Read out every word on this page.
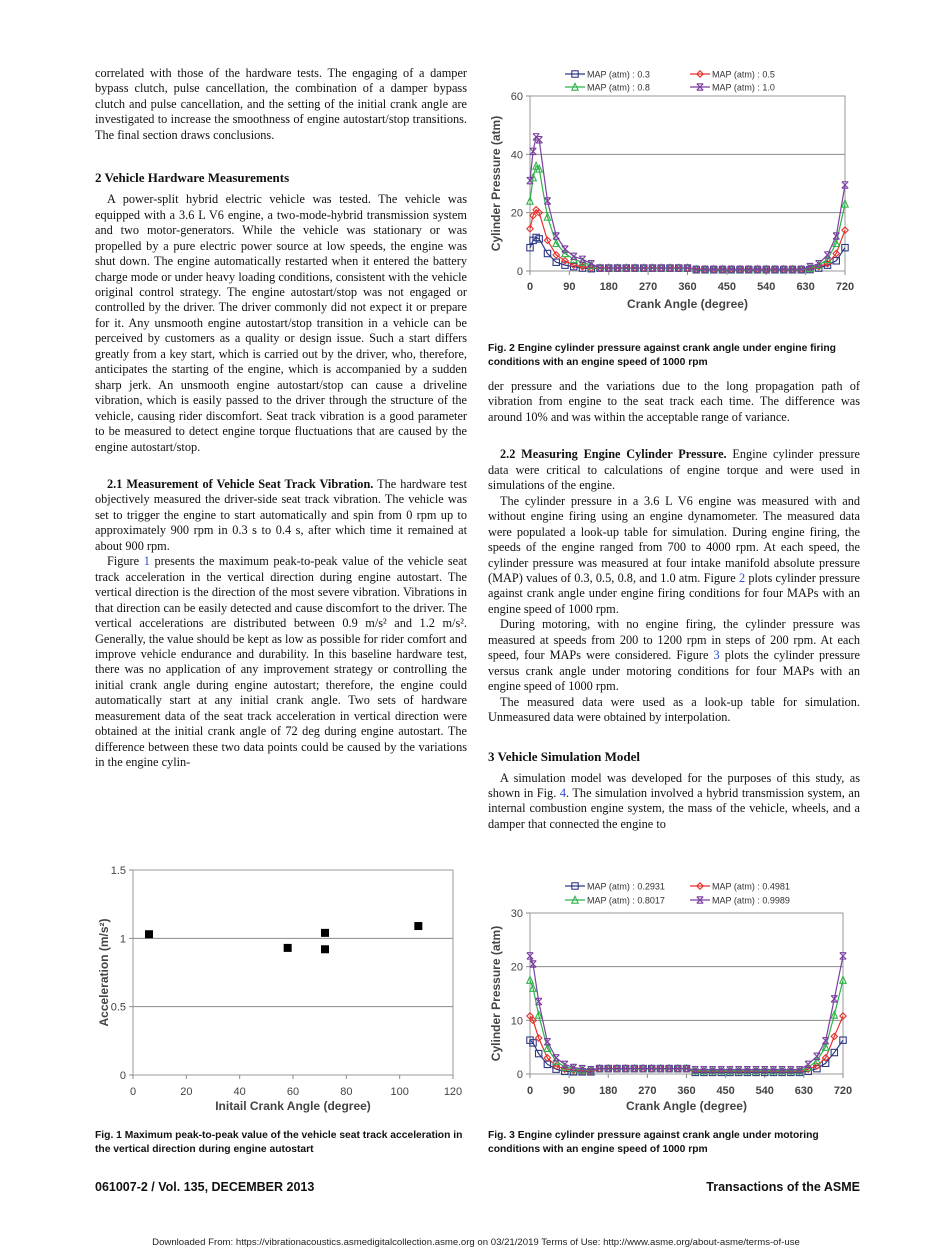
correlated with those of the hardware tests. The engaging of a damper bypass clutch, pulse cancellation, the combination of a damper bypass clutch and pulse cancellation, and the setting of the initial crank angle are investigated to increase the smoothness of engine autostart/stop transitions. The final section draws conclusions.
2 Vehicle Hardware Measurements
A power-split hybrid electric vehicle was tested. The vehicle was equipped with a 3.6 L V6 engine, a two-mode-hybrid transmission system and two motor-generators. While the vehicle was stationary or was propelled by a pure electric power source at low speeds, the engine was shut down. The engine automatically restarted when it entered the battery charge mode or under heavy loading conditions, consistent with the vehicle original control strategy. The engine autostart/stop was not engaged or controlled by the driver. The driver commonly did not expect it or prepare for it. Any unsmooth engine autostart/stop transition in a vehicle can be perceived by customers as a quality or design issue. Such a start differs greatly from a key start, which is carried out by the driver, who, therefore, anticipates the starting of the engine, which is accompanied by a sudden sharp jerk. An unsmooth engine autostart/stop can cause a driveline vibration, which is easily passed to the driver through the structure of the vehicle, causing rider discomfort. Seat track vibration is a good parameter to be measured to detect engine torque fluctuations that are caused by the engine autostart/stop.
2.1 Measurement of Vehicle Seat Track Vibration. The hardware test objectively measured the driver-side seat track vibration. The vehicle was set to trigger the engine to start automatically and spin from 0 rpm up to approximately 900 rpm in 0.3 s to 0.4 s, after which time it remained at about 900 rpm.
Figure 1 presents the maximum peak-to-peak value of the vehicle seat track acceleration in the vertical direction during engine autostart. The vertical direction is the direction of the most severe vibration. Vibrations in that direction can be easily detected and cause discomfort to the driver. The vertical accelerations are distributed between 0.9 m/s² and 1.2 m/s². Generally, the value should be kept as low as possible for rider comfort and improve vehicle endurance and durability. In this baseline hardware test, there was no application of any improvement strategy or controlling the initial crank angle during engine autostart; therefore, the engine could automatically start at any initial crank angle. Two sets of hardware measurement data of the seat track acceleration in vertical direction were obtained at the initial crank angle of 72 deg during engine autostart. The difference between these two data points could be caused by the variations in the engine cylin-
0
0.5
1
1.5
0	20	40	60	80	100	120
Initail Crank Angle (degree)
Acceleration (m/s²)
Fig. 1 Maximum peak-to-peak value of the vehicle seat track acceleration in the vertical direction during engine autostart
0
20
40
60
0	90 180 270 360 450 540 630 720
Crank Angle (degree)
Cylinder Pressure (atm)
MAP (atm) : 0.3	MAP (atm) : 0.5
MAP (atm) : 0.8	MAP (atm) : 1.0
Fig. 2 Engine cylinder pressure against crank angle under engine firing conditions with an engine speed of 1000 rpm
der pressure and the variations due to the long propagation path of vibration from engine to the seat track each time. The difference was around 10% and was within the acceptable range of variance.
2.2 Measuring Engine Cylinder Pressure. Engine cylinder pressure data were critical to calculations of engine torque and were used in simulations of the engine.
The cylinder pressure in a 3.6 L V6 engine was measured with and without engine firing using an engine dynamometer. The measured data were populated a look-up table for simulation. During engine firing, the speeds of the engine ranged from 700 to 4000 rpm. At each speed, the cylinder pressure was measured at four intake manifold absolute pressure (MAP) values of 0.3, 0.5, 0.8, and 1.0 atm. Figure 2 plots cylinder pressure against crank angle under engine firing conditions for four MAPs with an engine speed of 1000 rpm.
During motoring, with no engine firing, the cylinder pressure was measured at speeds from 200 to 1200 rpm in steps of 200 rpm. At each speed, four MAPs were considered. Figure 3 plots the cylinder pressure versus crank angle under motoring conditions for four MAPs with an engine speed of 1000 rpm.
The measured data were used as a look-up table for simulation. Unmeasured data were obtained by interpolation.
3 Vehicle Simulation Model
A simulation model was developed for the purposes of this study, as shown in Fig. 4. The simulation involved a hybrid transmission system, an internal combustion engine system, the mass of the vehicle, wheels, and a damper that connected the engine to
0
10
20
30
0	90 180 270 360 450 540 630 720
Crank Angle (degree)
Cylinder Pressure (atm)
MAP (atm) : 0.2931	MAP (atm) : 0.4981
MAP (atm) : 0.8017	MAP (atm) : 0.9989
Fig. 3 Engine cylinder pressure against crank angle under motoring conditions with an engine speed of 1000 rpm
061007-2 / Vol. 135, DECEMBER 2013	Transactions of the ASME
Downloaded From: https://vibrationacoustics.asmedigitalcollection.asme.org on 03/21/2019 Terms of Use: http://www.asme.org/about-asme/terms-of-use
